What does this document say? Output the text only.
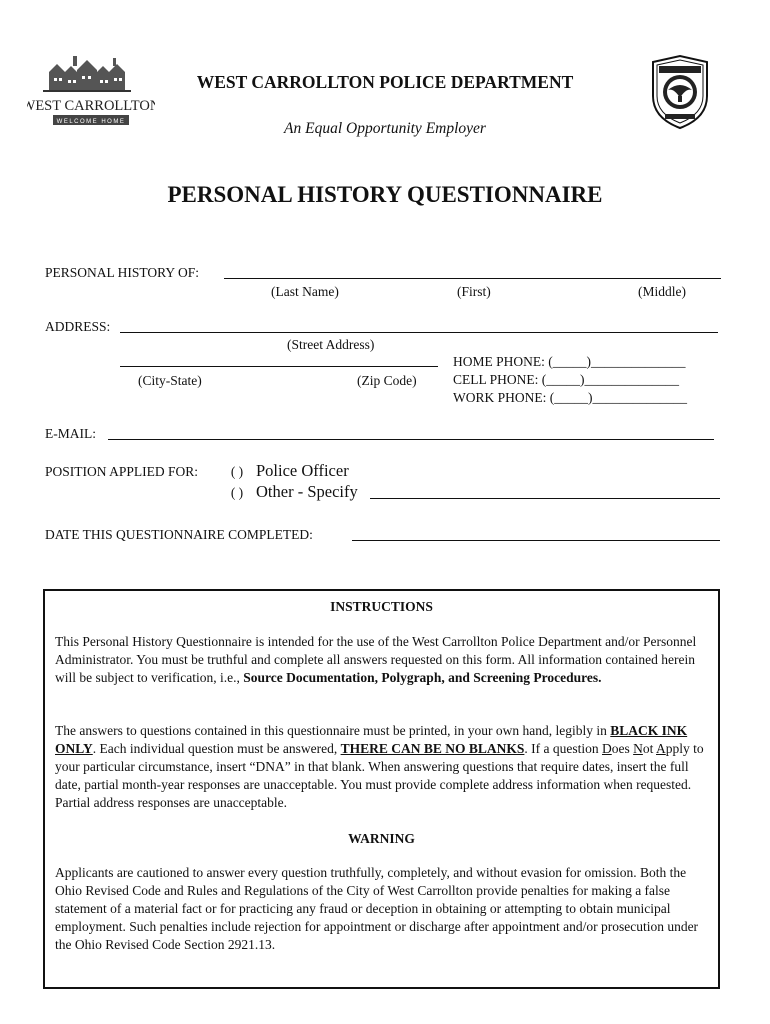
WEST CARROLLTON
WELCOME HOME
WEST CARROLLTON POLICE DEPARTMENT
An Equal Opportunity Employer
PERSONAL HISTORY QUESTIONNAIRE
PERSONAL HISTORY OF:
(Last Name)	(First)	(Middle)
ADDRESS:
(Street Address)
(City-State)	(Zip Code)
HOME PHONE: (_____)______________
CELL PHONE: (_____)______________
WORK PHONE: (_____)______________
E-MAIL:
POSITION APPLIED FOR:	( ) Police Officer
( ) Other - Specify
DATE THIS QUESTIONNAIRE COMPLETED:
INSTRUCTIONS
This Personal History Questionnaire is intended for the use of the West Carrollton Police Department and/or Personnel Administrator. You must be truthful and complete all answers requested on this form. All information contained herein will be subject to verification, i.e., Source Documentation, Polygraph, and Screening Procedures.
The answers to questions contained in this questionnaire must be printed, in your own hand, legibly in BLACK INK ONLY. Each individual question must be answered, THERE CAN BE NO BLANKS. If a question Does Not Apply to your particular circumstance, insert “DNA” in that blank. When answering questions that require dates, insert the full date, partial month-year responses are unacceptable. You must provide complete address information when requested. Partial address responses are unacceptable.
WARNING
Applicants are cautioned to answer every question truthfully, completely, and without evasion for omission. Both the Ohio Revised Code and Rules and Regulations of the City of West Carrollton provide penalties for making a false statement of a material fact or for practicing any fraud or deception in obtaining or attempting to obtain municipal employment. Such penalties include rejection for appointment or discharge after appointment and/or prosecution under the Ohio Revised Code Section 2921.13.
